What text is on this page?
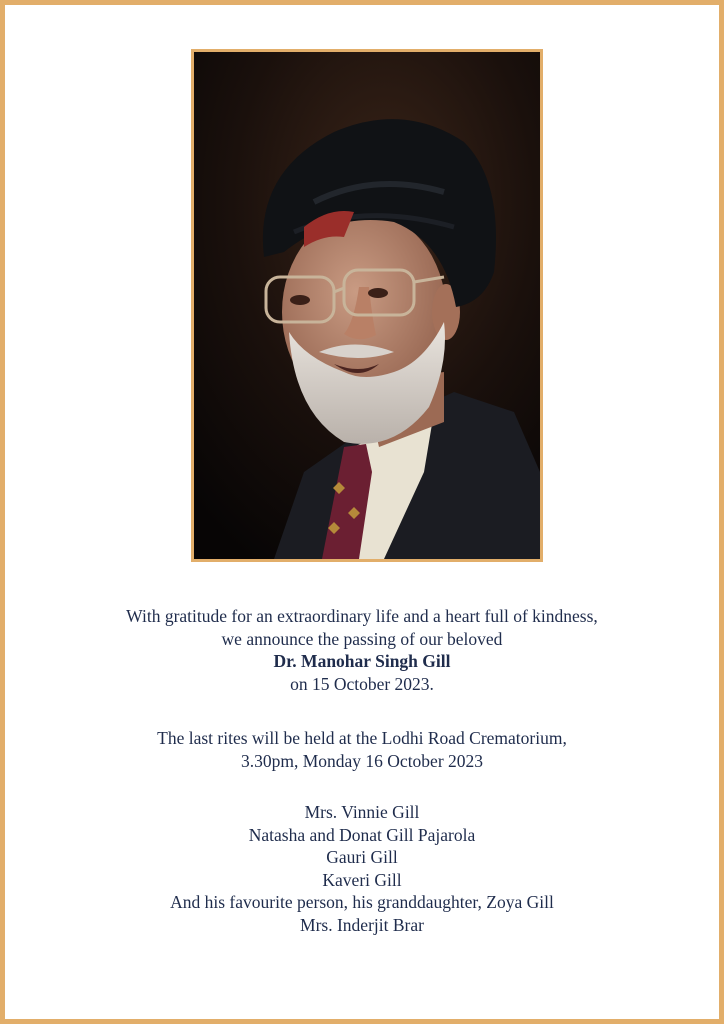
With gratitude for an extraordinary life and a heart full of kindness,
we announce the passing of our beloved
Dr. Manohar Singh Gill
on 15 October 2023.
The last rites will be held at the Lodhi Road Crematorium,
3.30pm, Monday 16 October 2023
Mrs. Vinnie Gill
Natasha and Donat Gill Pajarola
Gauri Gill
Kaveri Gill
And his favourite person, his granddaughter, Zoya Gill
Mrs. Inderjit Brar
